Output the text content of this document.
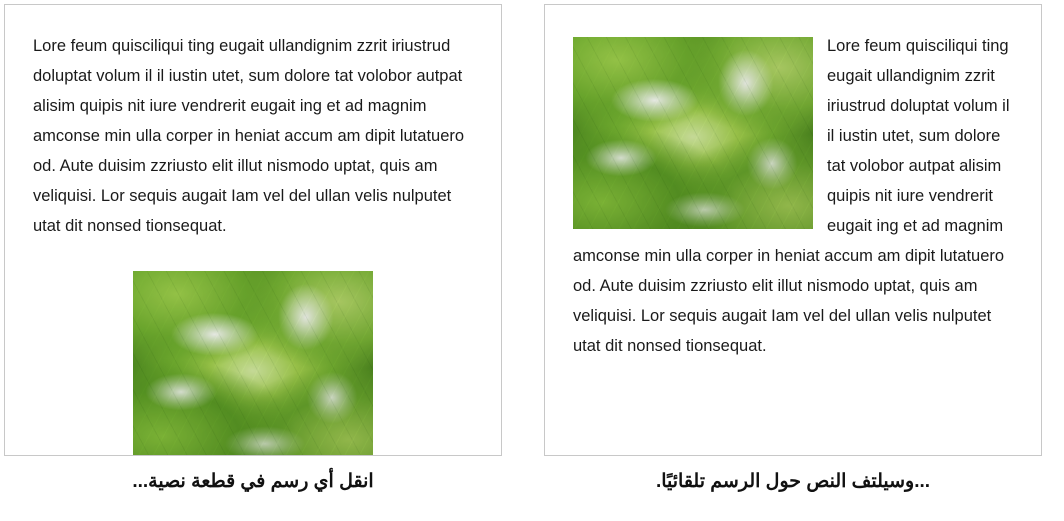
Lore feum quisciliqui ting eugait ullandignim zzrit iriustrud doluptat volum il il iustin utet, sum dolore tat volobor autpat alisim quipis nit iure vendrerit eugait ing et ad magnim amconse min ulla corper in heniat accum am dipit lutatuero od. Aute duisim zzriusto elit illut nismodo uptat, quis am veliquisi. Lor sequis augait Iam vel del ullan velis nulputet utat dit nonsed tionsequat.

Lore feum quisciliqui ting eugait ullandignim zzrit iriustrud doluptat volum il il iustin utet, sum dolore tat volobor autpat alisim quipis nit iure vendrerit eugait ing et ad magnim amconse min ulla corper in heniat accum am dipit lutatuero od. Aute duisim zzriusto elit illut nismodo uptat, quis am veliquisi. Lor sequis augait Iam vel del ullan velis nulputet utat dit nonsed tionsequat.

انقل أي رسم في قطعة نصية...	...وسيلتف النص حول الرسم تلقائيًا.
